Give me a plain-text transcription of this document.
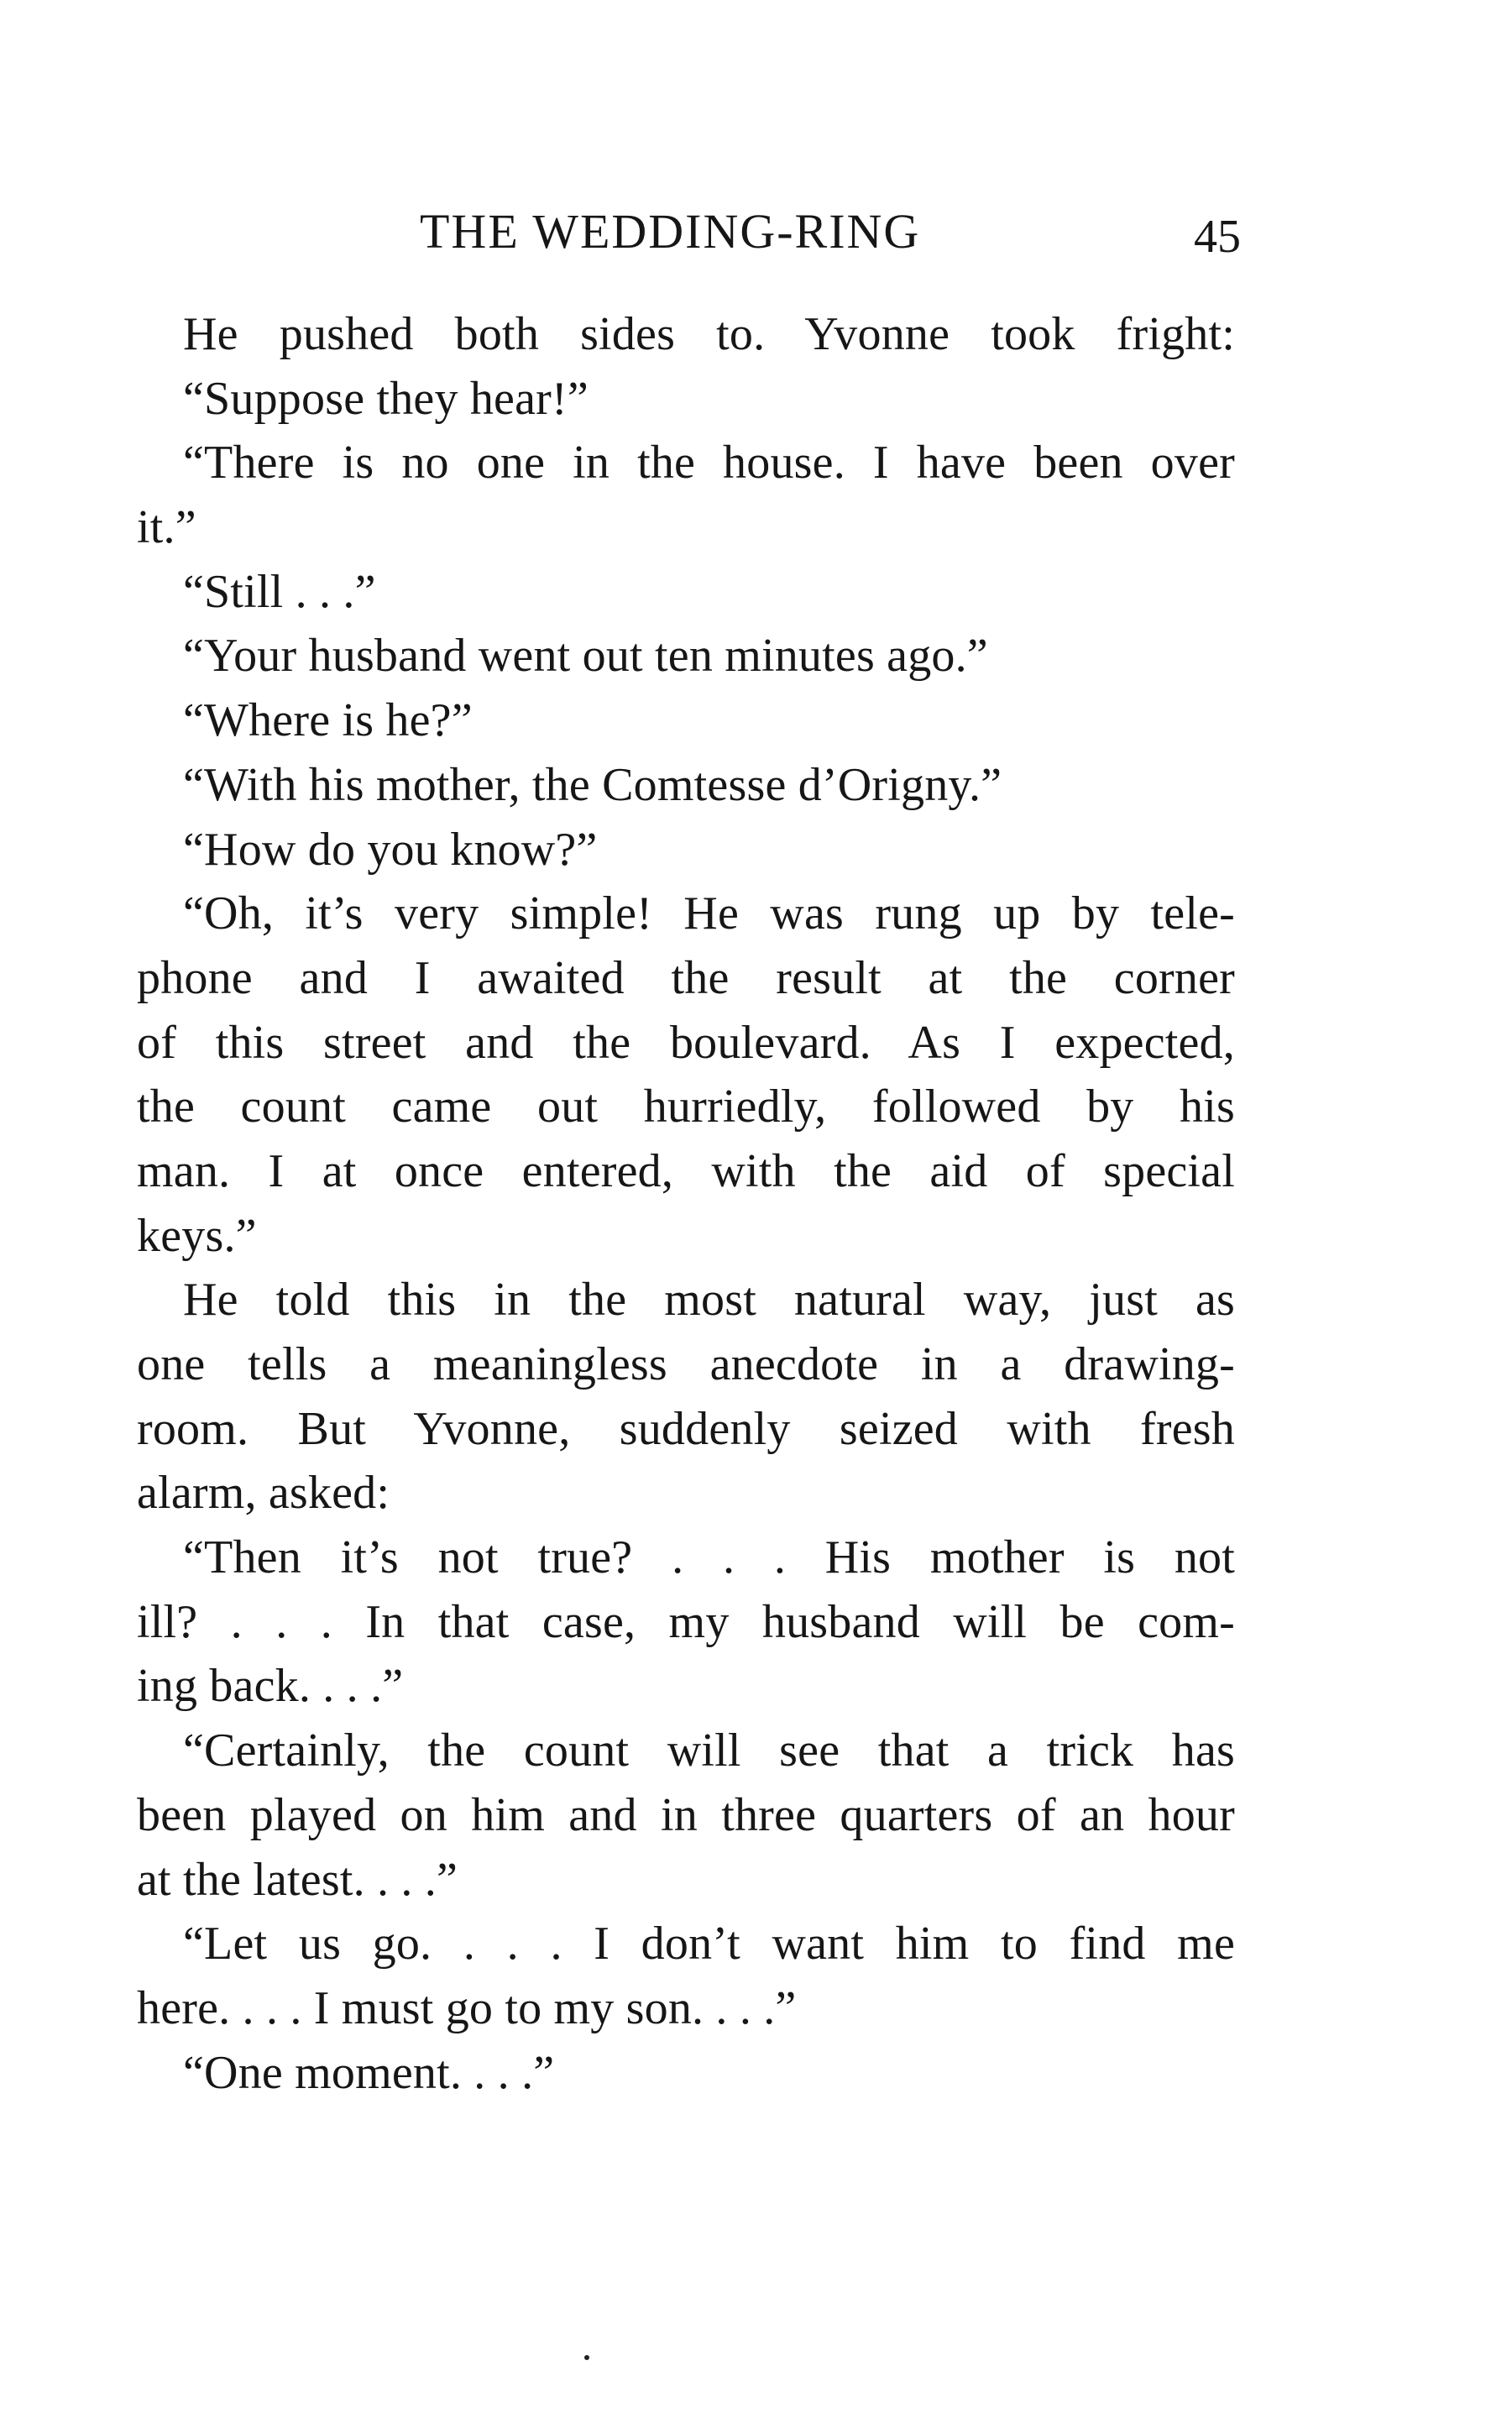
THE WEDDING-RING	45
He pushed both sides to. Yvonne took fright:
“Suppose they hear!”
“There is no one in the house. I have been over
it.”
“Still . . .”
“Your husband went out ten minutes ago.”
“Where is he?”
“With his mother, the Comtesse d’Origny.”
“How do you know?”
“Oh, it’s very simple! He was rung up by tele-
phone and I awaited the result at the corner
of this street and the boulevard. As I expected,
the count came out hurriedly, followed by his
man. I at once entered, with the aid of special
keys.”
He told this in the most natural way, just as
one tells a meaningless anecdote in a drawing-
room. But Yvonne, suddenly seized with fresh
alarm, asked:
“Then it’s not true? . . . His mother is not
ill? . . . In that case, my husband will be com-
ing back. . . .”
“Certainly, the count will see that a trick has
been played on him and in three quarters of an hour
at the latest. . . .”
“Let us go. . . . I don’t want him to find me
here. . . . I must go to my son. . . .”
“One moment. . . .”
